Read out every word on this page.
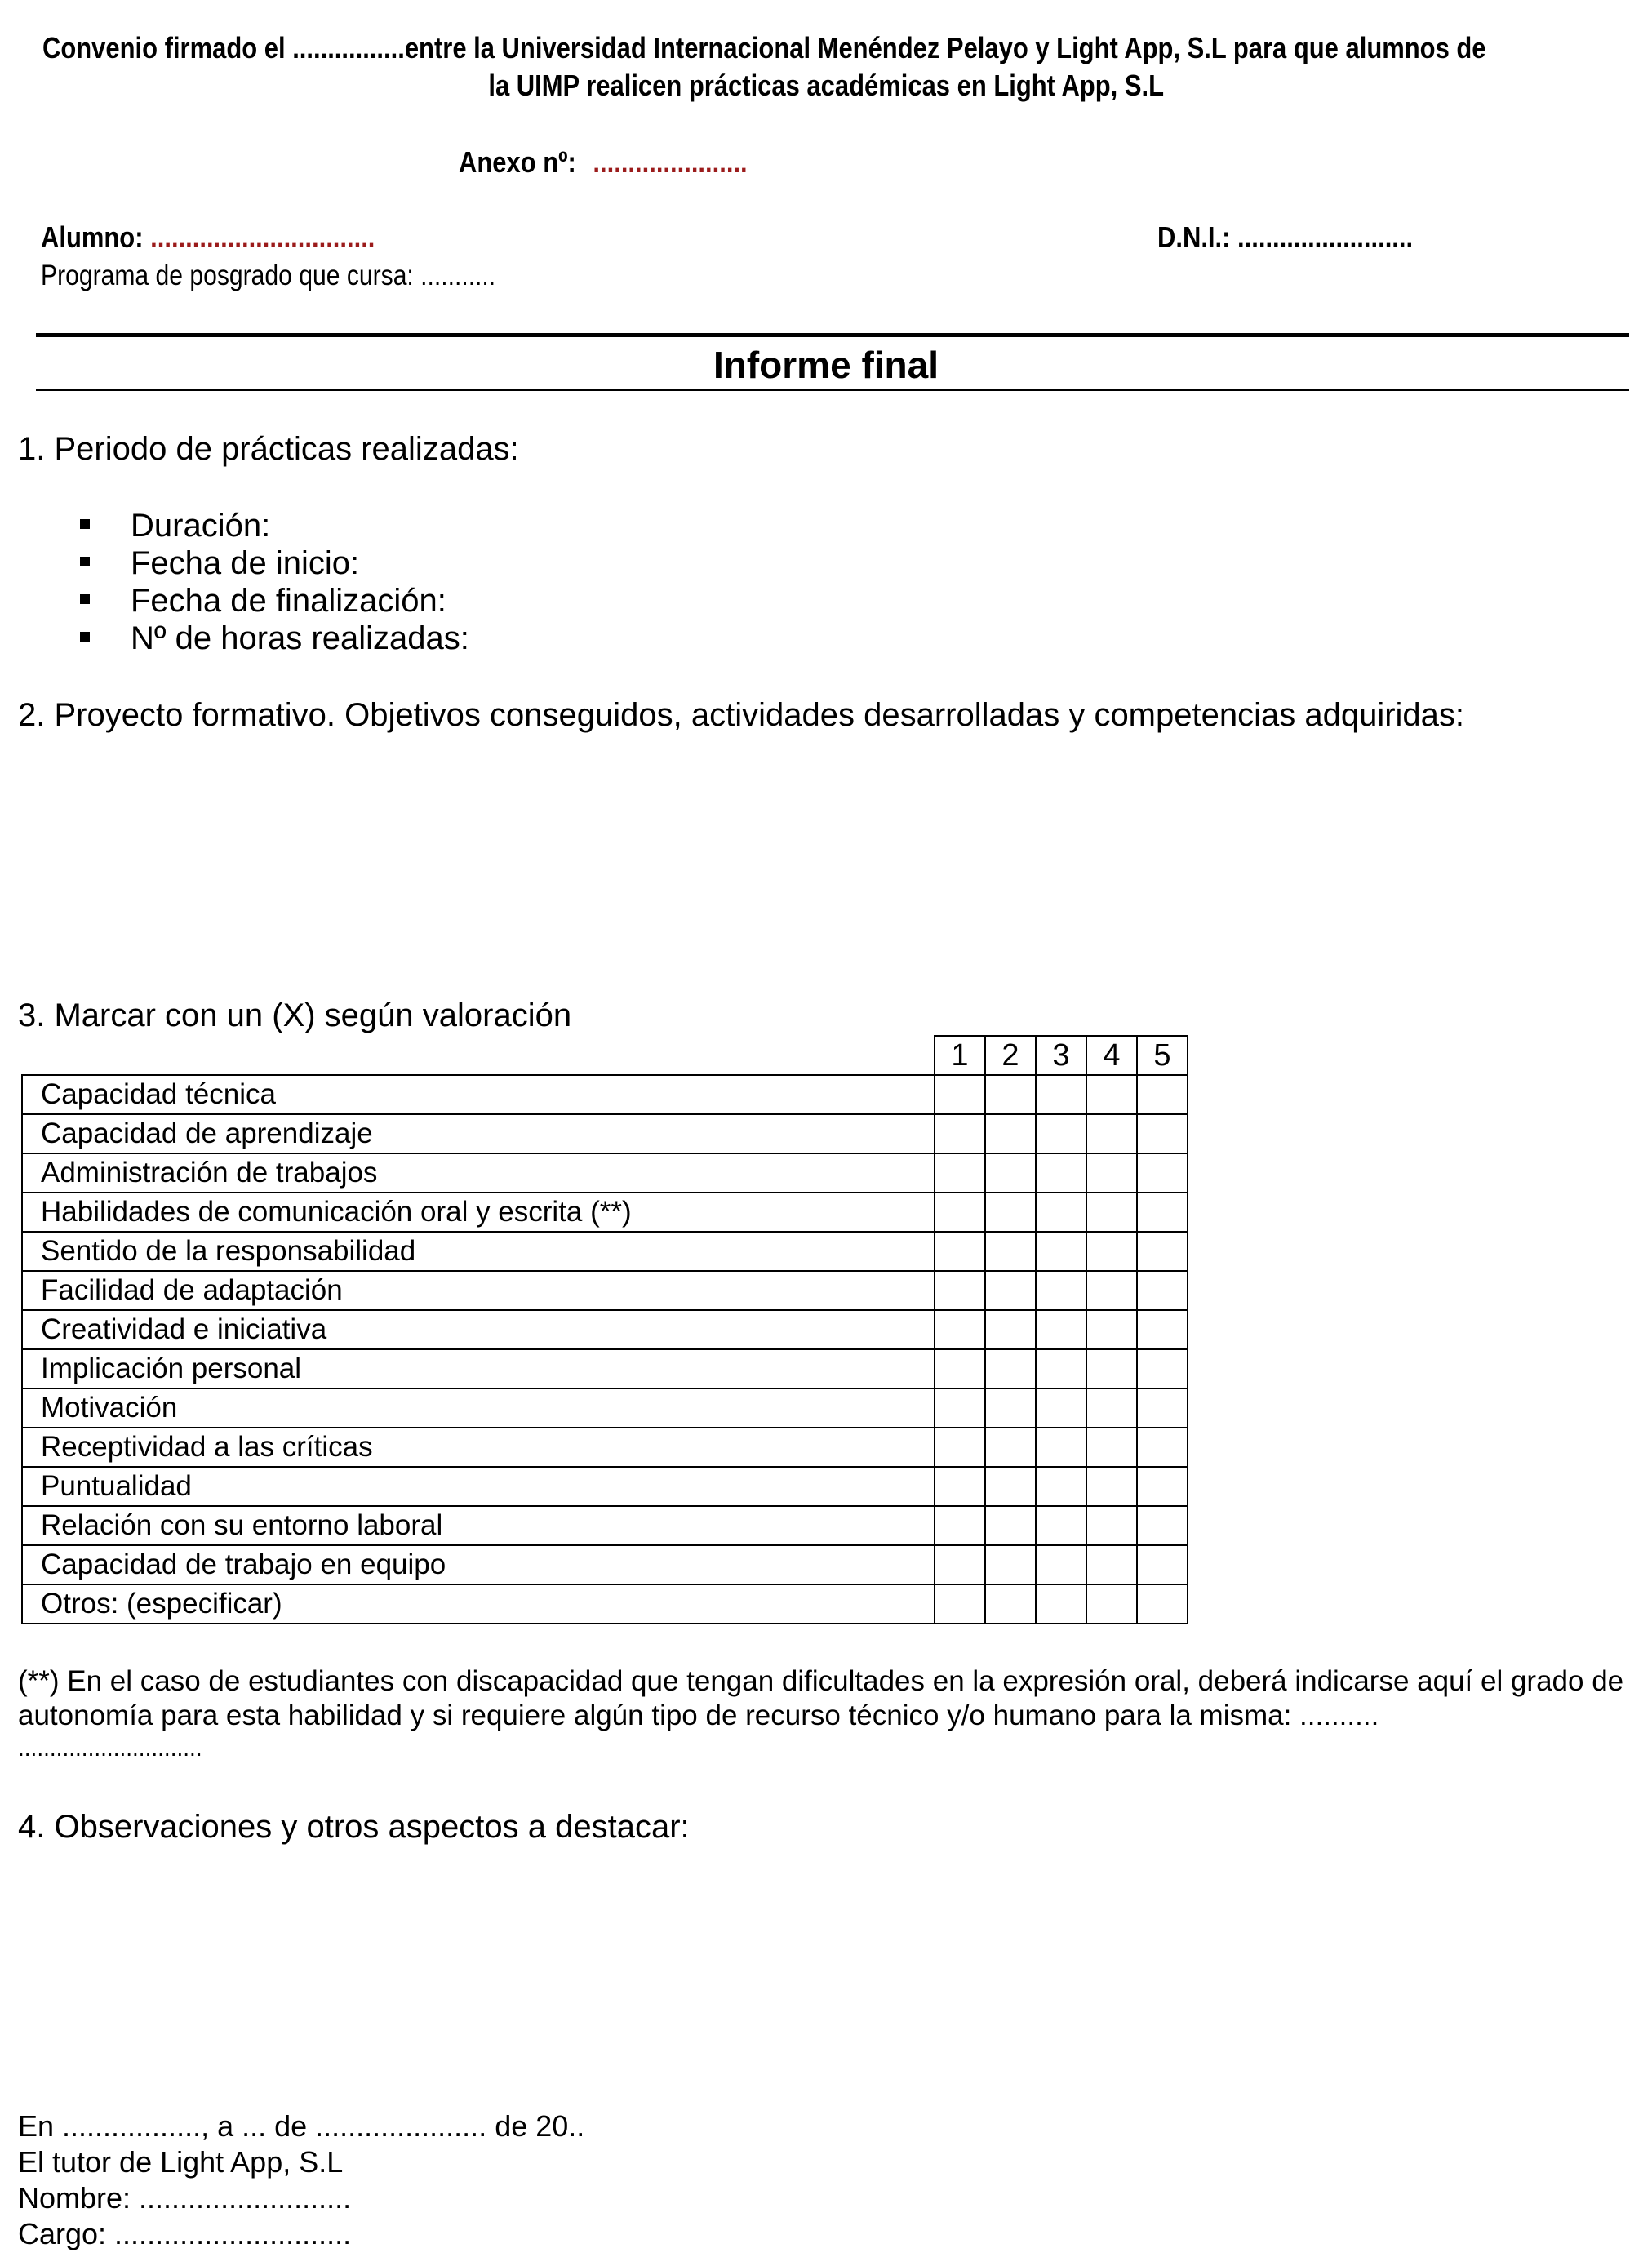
Convenio firmado el ................entre la Universidad Internacional Menéndez Pelayo y Light App, S.L para que alumnos de
la UIMP realicen prácticas académicas en Light App, S.L
Anexo nº: ......................
Alumno: ................................	D.N.I.: .........................
Programa de posgrado que cursa: ...........
Informe final
1. Periodo de prácticas realizadas:
Duración:
Fecha de inicio:
Fecha de finalización:
Nº de horas realizadas:
2. Proyecto formativo. Objetivos conseguidos, actividades desarrolladas y competencias adquiridas:
3. Marcar con un (X) según valoración
	1	2	3	4	5
Capacidad técnica					
Capacidad de aprendizaje					
Administración de trabajos					
Habilidades de comunicación oral y escrita (**)					
Sentido de la responsabilidad					
Facilidad de adaptación					
Creatividad e iniciativa					
Implicación personal					
Motivación					
Receptividad a las críticas					
Puntualidad					
Relación con su entorno laboral					
Capacidad de trabajo en equipo					
Otros: (especificar)					
(**) En el caso de estudiantes con discapacidad que tengan dificultades en la expresión oral, deberá indicarse aquí el grado de
autonomía para esta habilidad y si requiere algún tipo de recurso técnico y/o humano para la misma: ..........
.............................
4. Observaciones y otros aspectos a destacar:
En ................., a ... de ..................... de 20..
El tutor de Light App, S.L
Nombre: ..........................
Cargo: .............................
